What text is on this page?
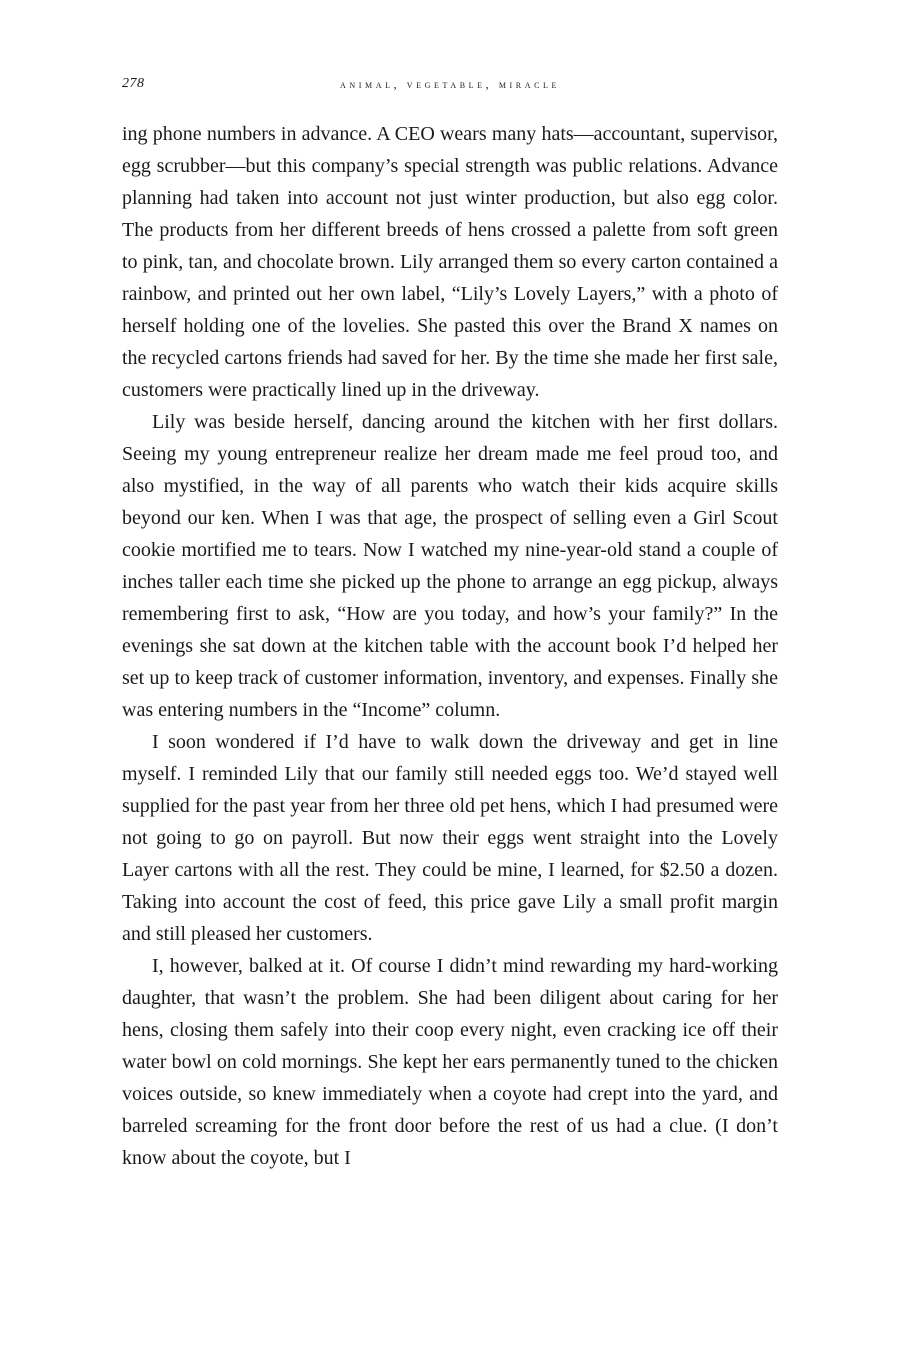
278	animal, vegetable, miracle

ing phone numbers in advance. A CEO wears many hats—accountant, supervisor, egg scrubber—but this company’s special strength was public relations. Advance planning had taken into account not just winter production, but also egg color. The products from her different breeds of hens crossed a palette from soft green to pink, tan, and chocolate brown. Lily arranged them so every carton contained a rainbow, and printed out her own label, “Lily’s Lovely Layers,” with a photo of herself holding one of the lovelies. She pasted this over the Brand X names on the recycled cartons friends had saved for her. By the time she made her first sale, customers were practically lined up in the driveway.

Lily was beside herself, dancing around the kitchen with her first dollars. Seeing my young entrepreneur realize her dream made me feel proud too, and also mystified, in the way of all parents who watch their kids acquire skills beyond our ken. When I was that age, the prospect of selling even a Girl Scout cookie mortified me to tears. Now I watched my nine-year-old stand a couple of inches taller each time she picked up the phone to arrange an egg pickup, always remembering first to ask, “How are you today, and how’s your family?” In the evenings she sat down at the kitchen table with the account book I’d helped her set up to keep track of customer information, inventory, and expenses. Finally she was entering numbers in the “Income” column.

I soon wondered if I’d have to walk down the driveway and get in line myself. I reminded Lily that our family still needed eggs too. We’d stayed well supplied for the past year from her three old pet hens, which I had presumed were not going to go on payroll. But now their eggs went straight into the Lovely Layer cartons with all the rest. They could be mine, I learned, for $2.50 a dozen. Taking into account the cost of feed, this price gave Lily a small profit margin and still pleased her customers.

I, however, balked at it. Of course I didn’t mind rewarding my hard-working daughter, that wasn’t the problem. She had been diligent about caring for her hens, closing them safely into their coop every night, even cracking ice off their water bowl on cold mornings. She kept her ears permanently tuned to the chicken voices outside, so knew immediately when a coyote had crept into the yard, and barreled screaming for the front door before the rest of us had a clue. (I don’t know about the coyote, but I
